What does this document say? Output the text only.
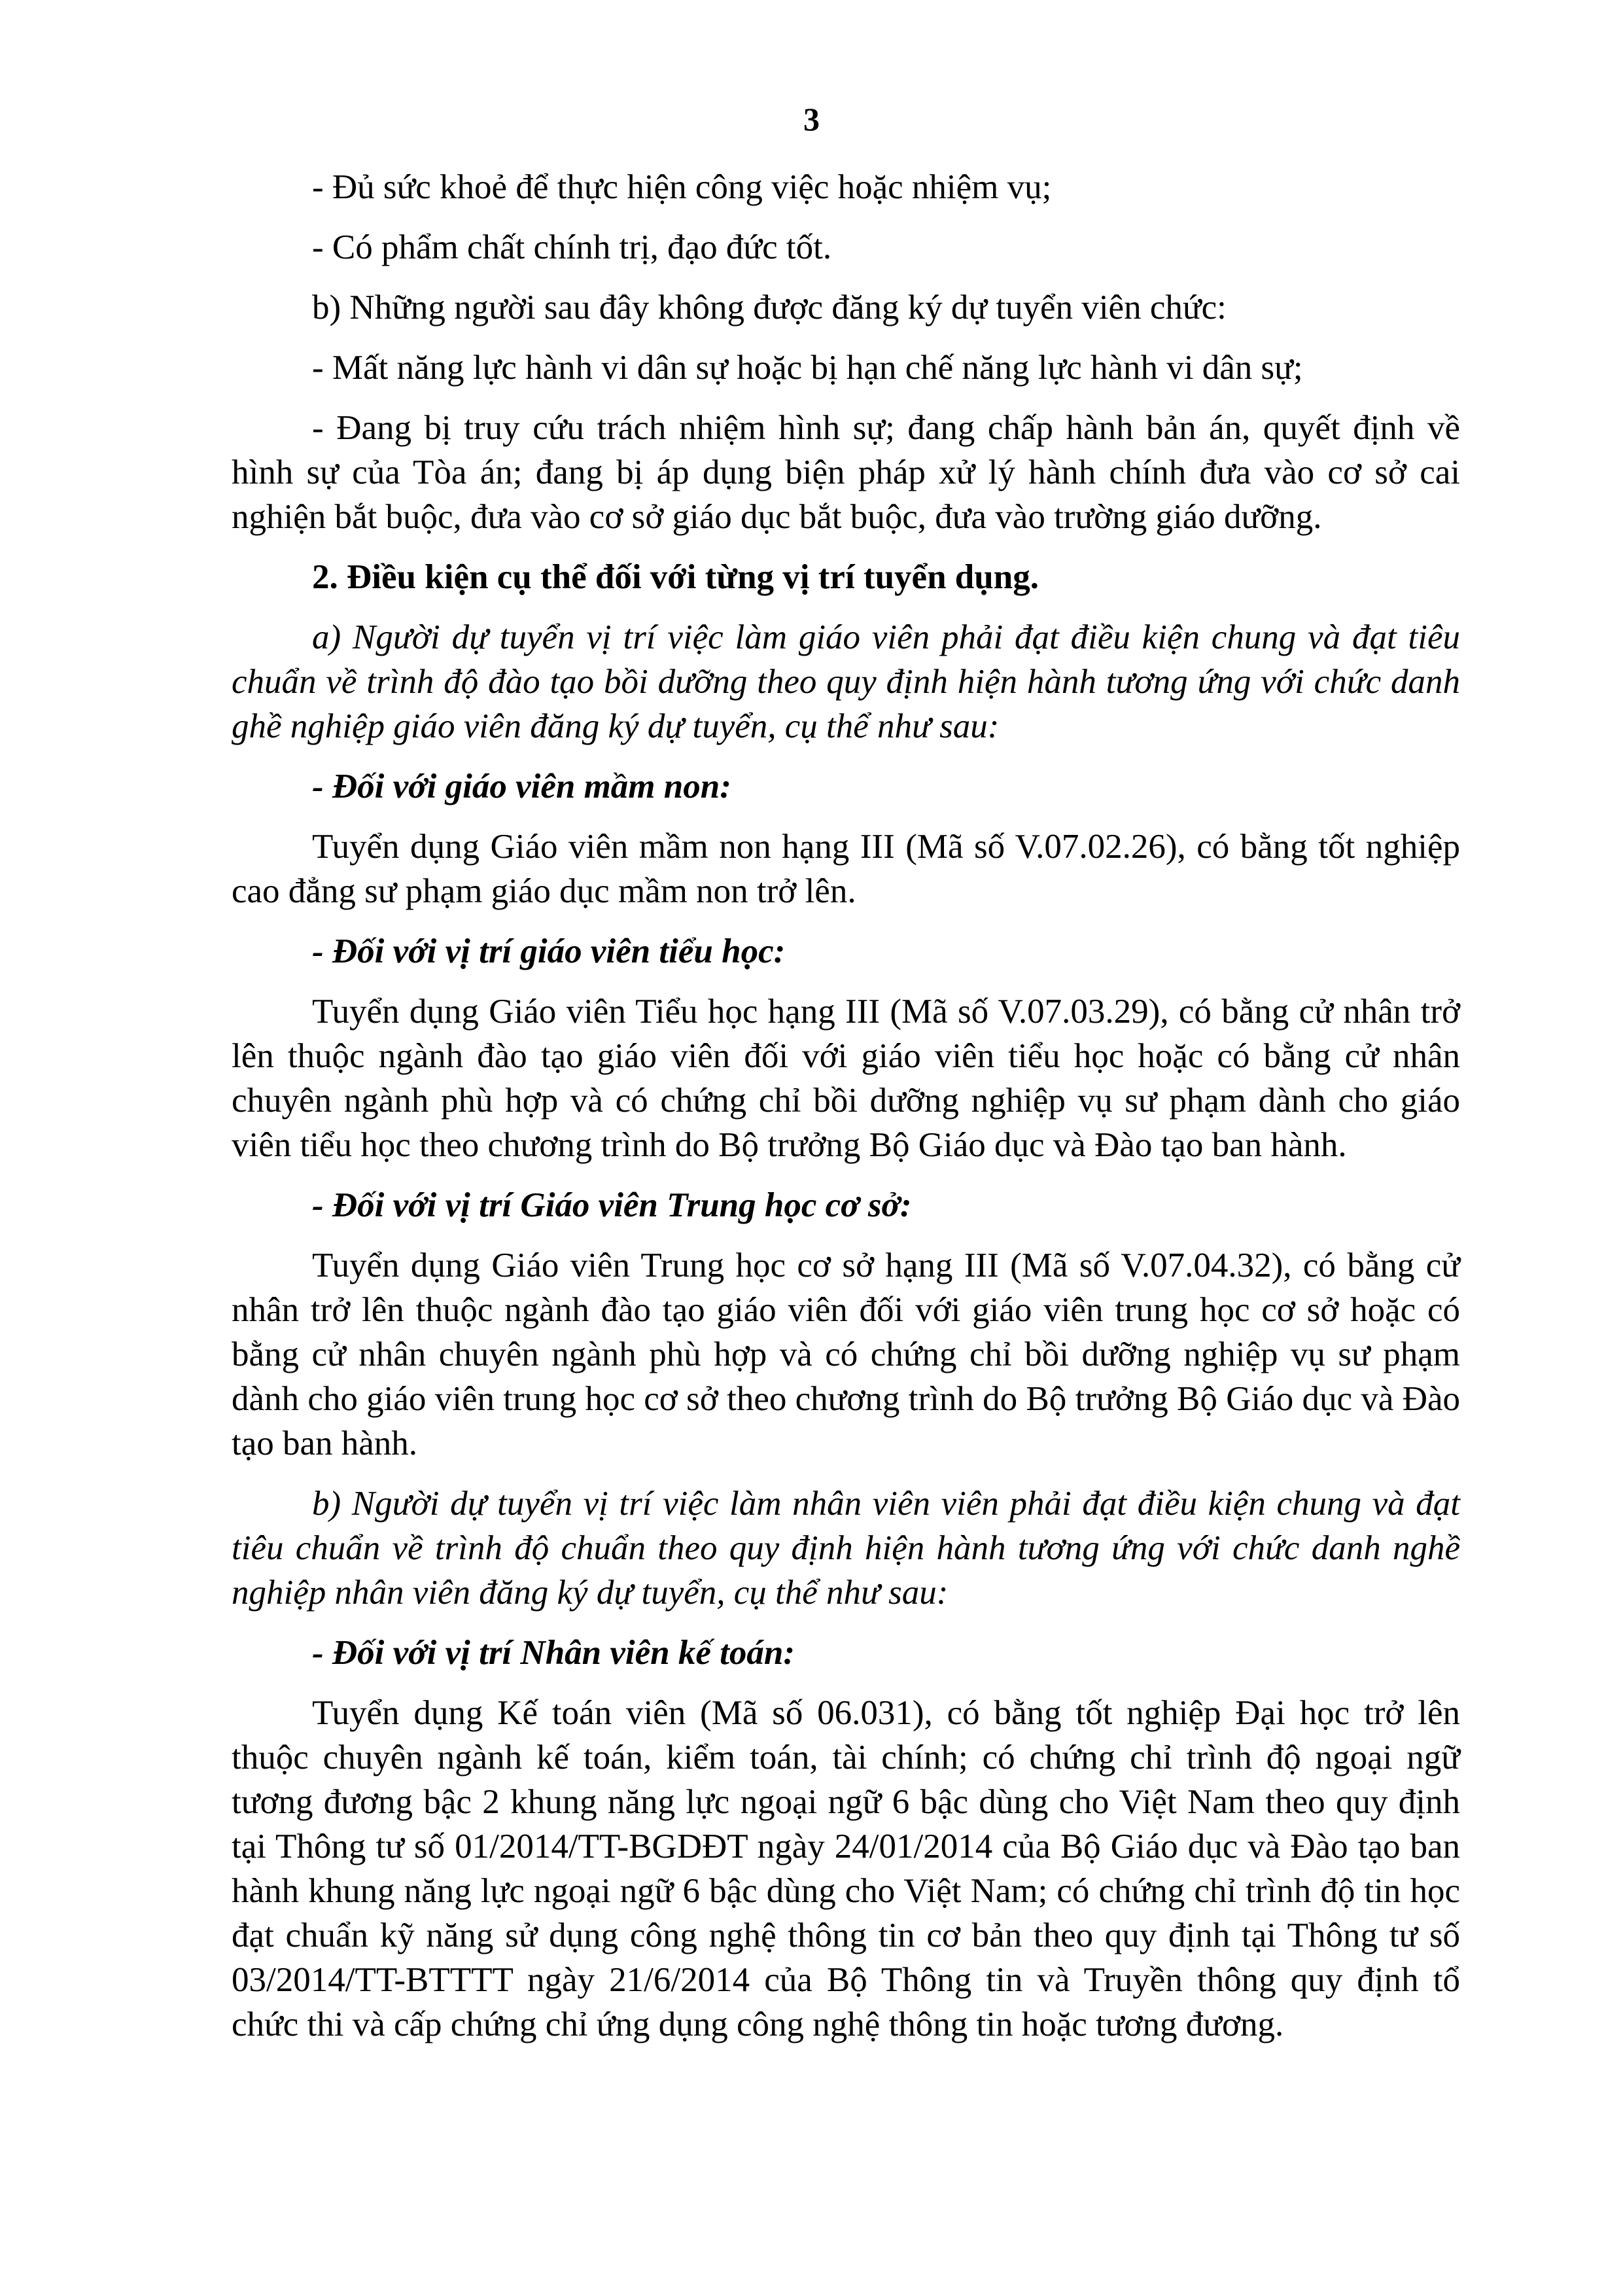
3

- Đủ sức khoẻ để thực hiện công việc hoặc nhiệm vụ;

- Có phẩm chất chính trị, đạo đức tốt.

b) Những người sau đây không được đăng ký dự tuyển viên chức:

- Mất năng lực hành vi dân sự hoặc bị hạn chế năng lực hành vi dân sự;

- Đang bị truy cứu trách nhiệm hình sự; đang chấp hành bản án, quyết định về hình sự của Tòa án; đang bị áp dụng biện pháp xử lý hành chính đưa vào cơ sở cai nghiện bắt buộc, đưa vào cơ sở giáo dục bắt buộc, đưa vào trường giáo dưỡng.

2. Điều kiện cụ thể đối với từng vị trí tuyển dụng.

a) Người dự tuyển vị trí việc làm giáo viên phải đạt điều kiện chung và đạt tiêu chuẩn về trình độ đào tạo bồi dưỡng theo quy định hiện hành tương ứng với chức danh ghề nghiệp giáo viên đăng ký dự tuyển, cụ thể như sau:

- Đối với giáo viên mầm non:

Tuyển dụng Giáo viên mầm non hạng III (Mã số V.07.02.26), có bằng tốt nghiệp cao đẳng sư phạm giáo dục mầm non trở lên.

- Đối với vị trí giáo viên tiểu học:

Tuyển dụng Giáo viên Tiểu học hạng III (Mã số V.07.03.29), có bằng cử nhân trở lên thuộc ngành đào tạo giáo viên đối với giáo viên tiểu học hoặc có bằng cử nhân chuyên ngành phù hợp và có chứng chỉ bồi dưỡng nghiệp vụ sư phạm dành cho giáo viên tiểu học theo chương trình do Bộ trưởng Bộ Giáo dục và Đào tạo ban hành.

- Đối với vị trí Giáo viên Trung học cơ sở:

Tuyển dụng Giáo viên Trung học cơ sở hạng III (Mã số V.07.04.32), có bằng cử nhân trở lên thuộc ngành đào tạo giáo viên đối với giáo viên trung học cơ sở hoặc có bằng cử nhân chuyên ngành phù hợp và có chứng chỉ bồi dưỡng nghiệp vụ sư phạm dành cho giáo viên trung học cơ sở theo chương trình do Bộ trưởng Bộ Giáo dục và Đào tạo ban hành.

b) Người dự tuyển vị trí việc làm nhân viên viên phải đạt điều kiện chung và đạt tiêu chuẩn về trình độ chuẩn theo quy định hiện hành tương ứng với chức danh nghề nghiệp nhân viên đăng ký dự tuyển, cụ thể như sau:

- Đối với vị trí Nhân viên kế toán:

Tuyển dụng Kế toán viên (Mã số 06.031), có bằng tốt nghiệp Đại học trở lên thuộc chuyên ngành kế toán, kiểm toán, tài chính; có chứng chỉ trình độ ngoại ngữ tương đương bậc 2 khung năng lực ngoại ngữ 6 bậc dùng cho Việt Nam theo quy định tại Thông tư số 01/2014/TT-BGDĐT ngày 24/01/2014 của Bộ Giáo dục và Đào tạo ban hành khung năng lực ngoại ngữ 6 bậc dùng cho Việt Nam; có chứng chỉ trình độ tin học đạt chuẩn kỹ năng sử dụng công nghệ thông tin cơ bản theo quy định tại Thông tư số 03/2014/TT-BTTTT ngày 21/6/2014 của Bộ Thông tin và Truyền thông quy định tổ chức thi và cấp chứng chỉ ứng dụng công nghệ thông tin hoặc tương đương.
